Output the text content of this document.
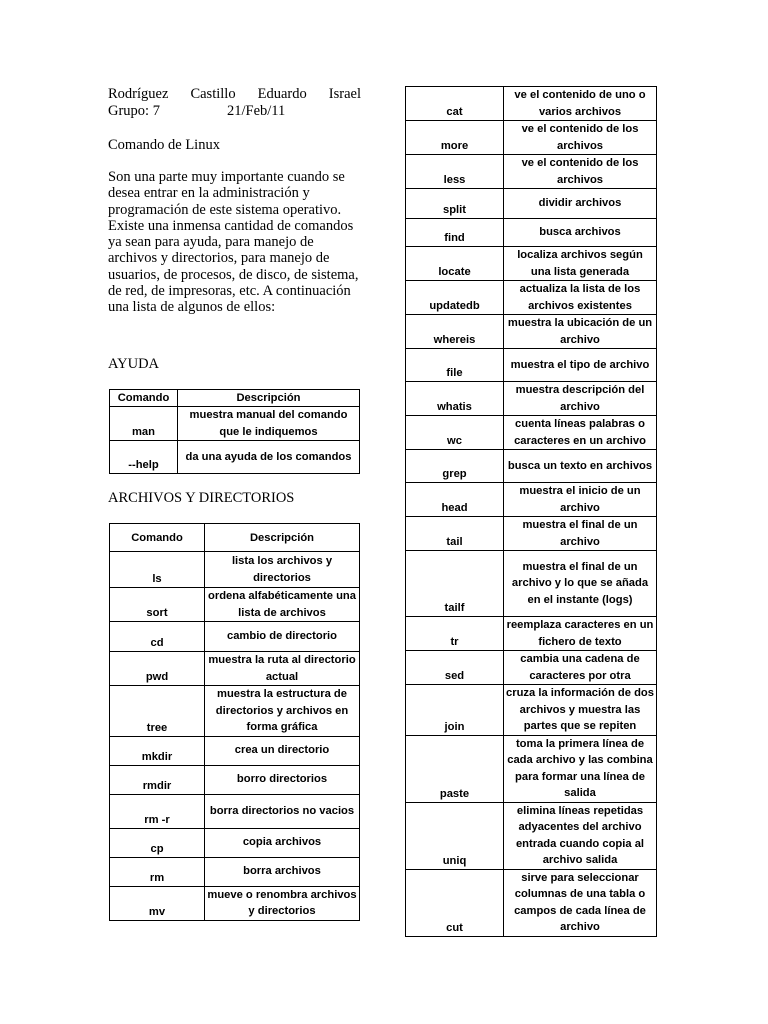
Rodríguez Castillo Eduardo Israel
Grupo: 7	21/Feb/11
Comando de Linux
Son una parte muy importante cuando se desea entrar en la administración y programación de este sistema operativo. Existe una inmensa cantidad de comandos ya sean para ayuda, para manejo de archivos y directorios, para manejo de usuarios, de procesos, de disco, de sistema, de red, de impresoras, etc. A continuación una lista de algunos de ellos:
AYUDA
Comando	Descripción
man	muestra manual del comando que le indiquemos
--help	da una ayuda de los comandos
ARCHIVOS Y DIRECTORIOS
Comando	Descripción
ls	lista los archivos y directorios
sort	ordena alfabéticamente una lista de archivos
cd	cambio de directorio
pwd	muestra la ruta al directorio actual
tree	muestra la estructura de directorios y archivos en forma gráfica
mkdir	crea un directorio
rmdir	borro directorios
rm -r	borra directorios no vacios
cp	copia archivos
rm	borra archivos
mv	mueve o renombra archivos y directorios
cat	ve el contenido de uno o varios archivos
more	ve el contenido de los archivos
less	ve el contenido de los archivos
split	dividir archivos
find	busca archivos
locate	localiza archivos según una lista generada
updatedb	actualiza la lista de los archivos existentes
whereis	muestra la ubicación de un archivo
file	muestra el tipo de archivo
whatis	muestra descripción del archivo
wc	cuenta líneas palabras o caracteres en un archivo
grep	busca un texto en archivos
head	muestra el inicio de un archivo
tail	muestra el final de un archivo
tailf	muestra el final de un archivo y lo que se añada en el instante (logs)
tr	reemplaza caracteres en un fichero de texto
sed	cambia una cadena de caracteres por otra
join	cruza la información de dos archivos y muestra las partes que se repiten
paste	toma la primera línea de cada archivo y las combina para formar una línea de salida
uniq	elimina líneas repetidas adyacentes del archivo entrada cuando copia al archivo salida
cut	sirve para seleccionar columnas de una tabla o campos de cada línea de archivo
